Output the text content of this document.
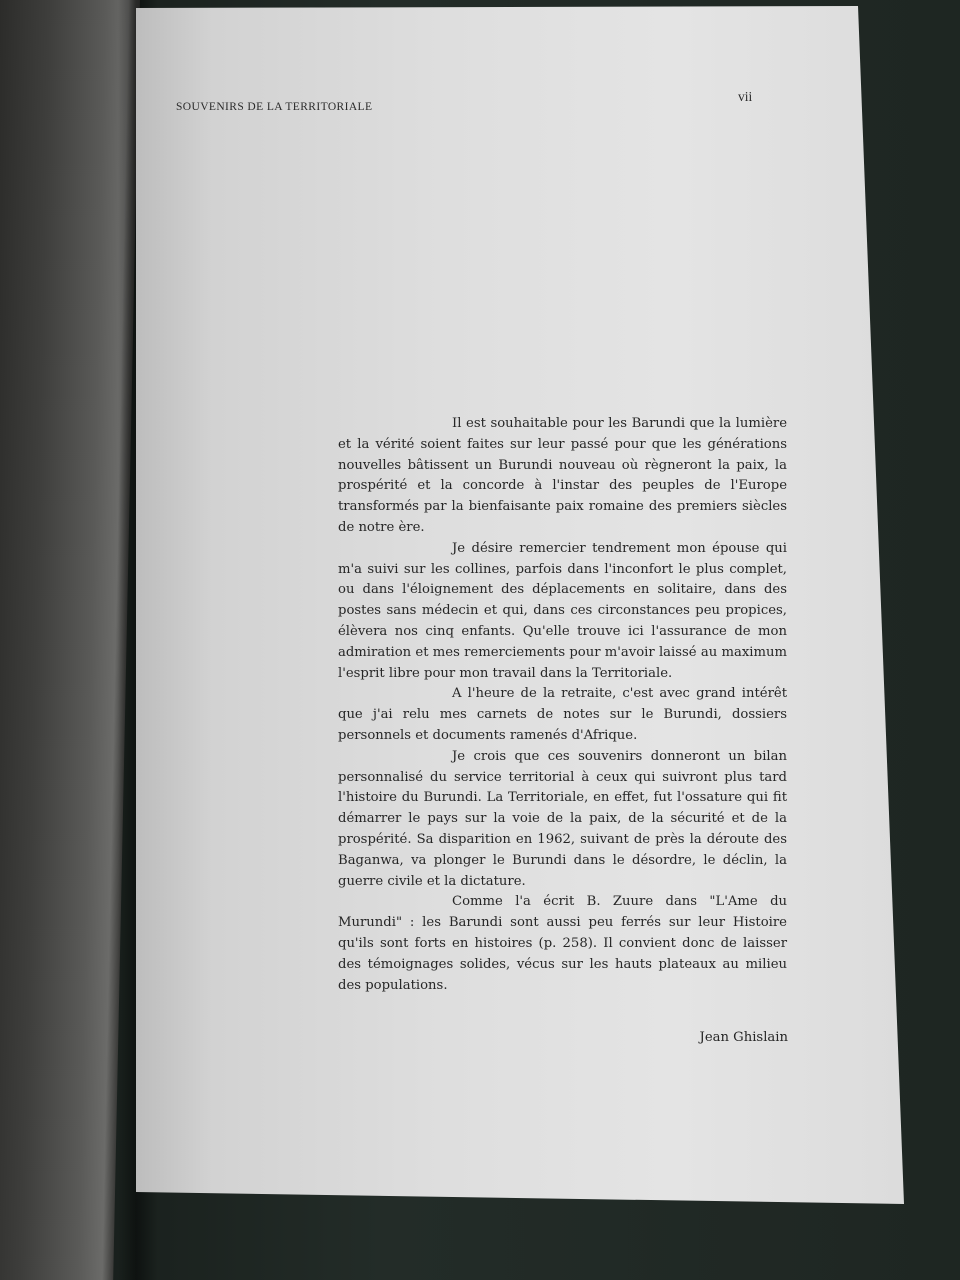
SOUVENIRS DE LA TERRITORIALE
vii

Il est souhaitable pour les Barundi que la lumière et la vérité soient faites sur leur passé pour que les générations nouvelles bâtissent un Burundi nouveau où règneront la paix, la prospérité et la concorde à l'instar des peuples de l'Europe transformés par la bienfaisante paix romaine des premiers siècles de notre ère.

Je désire remercier tendrement mon épouse qui m'a suivi sur les collines, parfois dans l'inconfort le plus complet, ou dans l'éloignement des déplacements en solitaire, dans des postes sans médecin et qui, dans ces circonstances peu propices, élèvera nos cinq enfants. Qu'elle trouve ici l'assurance de mon admiration et mes remerciements pour m'avoir laissé au maximum l'esprit libre pour mon travail dans la Territoriale.

A l'heure de la retraite, c'est avec grand intérêt que j'ai relu mes carnets de notes sur le Burundi, dossiers personnels et documents ramenés d'Afrique.

Je crois que ces souvenirs donneront un bilan personnalisé du service territorial à ceux qui suivront plus tard l'histoire du Burundi. La Territoriale, en effet, fut l'ossature qui fit démarrer le pays sur la voie de la paix, de la sécurité et de la prospérité. Sa disparition en 1962, suivant de près la déroute des Baganwa, va plonger le Burundi dans le désordre, le déclin, la guerre civile et la dictature.

Comme l'a écrit B. Zuure dans "L'Ame du Murundi" : les Barundi sont aussi peu ferrés sur leur Histoire qu'ils sont forts en histoires (p. 258). Il convient donc de laisser des témoignages solides, vécus sur les hauts plateaux au milieu des populations.

Jean Ghislain
